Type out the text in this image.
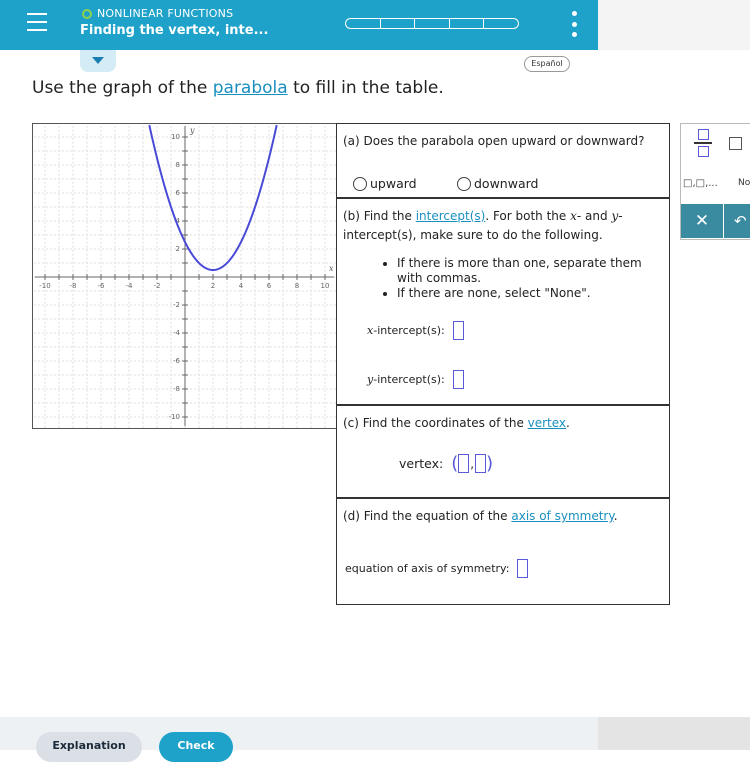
NONLINEAR FUNCTIONS
Finding the vertex, inte...
Español
Use the graph of the parabola to fill in the table.
-10	-8	-6	-4	-2	2	4	6	8	10
10
8
6
4
2
-2
-4
-6
-8
-10
x
y
(a) Does the parabola open upward or downward?
upward	downward
(b) Find the intercept(s). For both the x- and y-intercept(s), make sure to do the following.
• If there is more than one, separate them with commas.
• If there are none, select "None".
x -intercept(s):
y -intercept(s):
(c) Find the coordinates of the vertex.
vertex: ( , )
(d) Find the equation of the axis of symmetry.
equation of axis of symmetry:
□,□,... No
✕	↶
Explanation	Check
